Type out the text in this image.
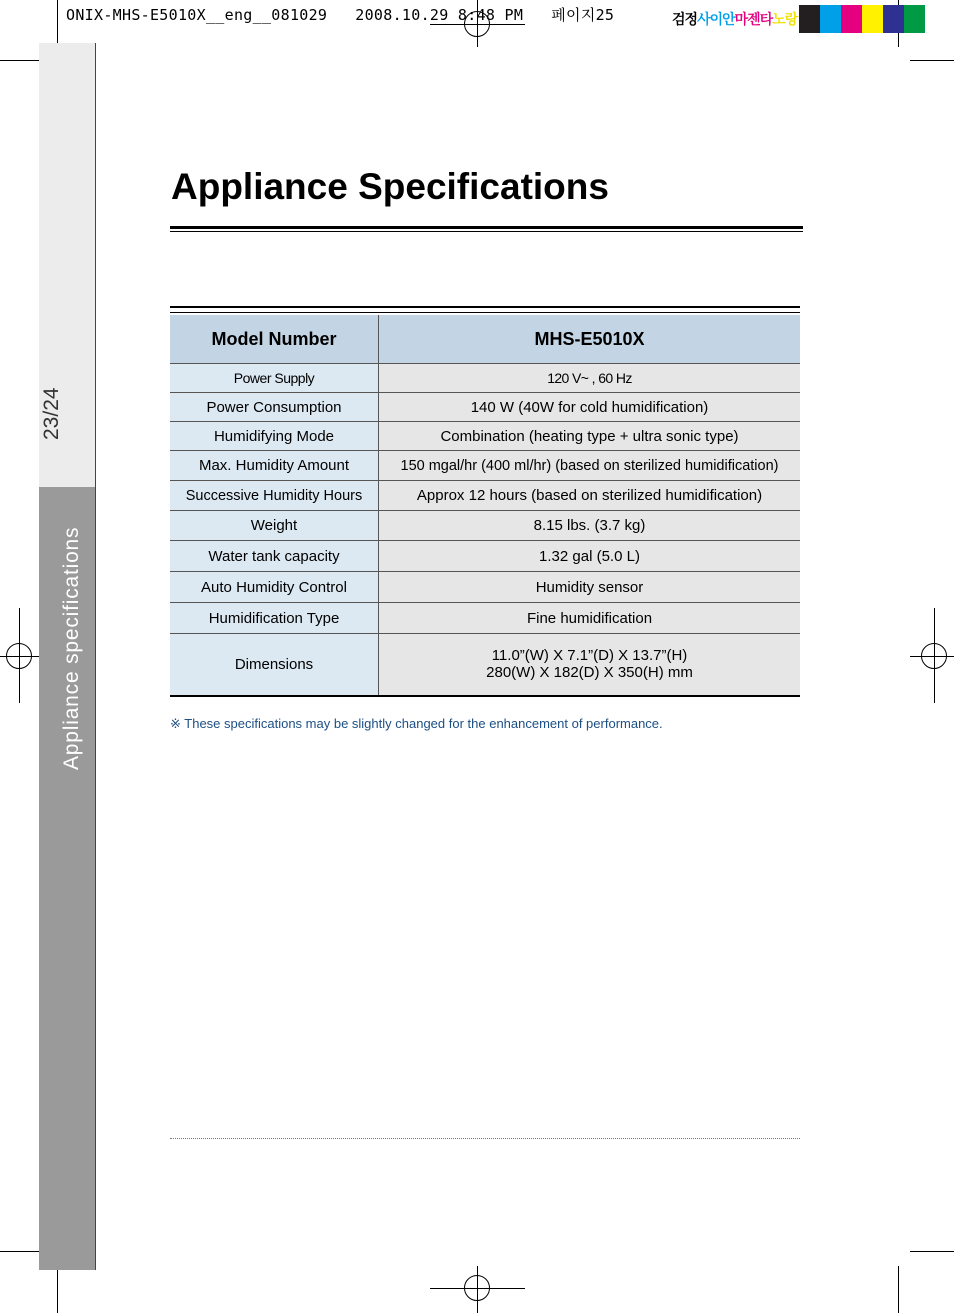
ONIX-MHS-E5010X__eng__081029 2008.10.29 8:48 PM 페이지25	검정 사이안 마젠타 노랑
23/24
Appliance specifications
Appliance Specifications
Model Number	MHS-E5010X
Power Supply	120 V~ , 60 Hz
Power Consumption	140 W (40W for cold humidification)
Humidifying Mode	Combination (heating type + ultra sonic type)
Max. Humidity Amount	150 mgal/hr (400 ml/hr) (based on sterilized humidification)
Successive Humidity Hours	Approx 12 hours (based on sterilized humidification)
Weight	8.15 lbs. (3.7 kg)
Water tank capacity	1.32 gal (5.0 L)
Auto Humidity Control	Humidity sensor
Humidification Type	Fine humidification
Dimensions	11.0”(W) X 7.1”(D) X 13.7”(H)
280(W) X 182(D) X 350(H) mm
※ These specifications may be slightly changed for the enhancement of performance.
